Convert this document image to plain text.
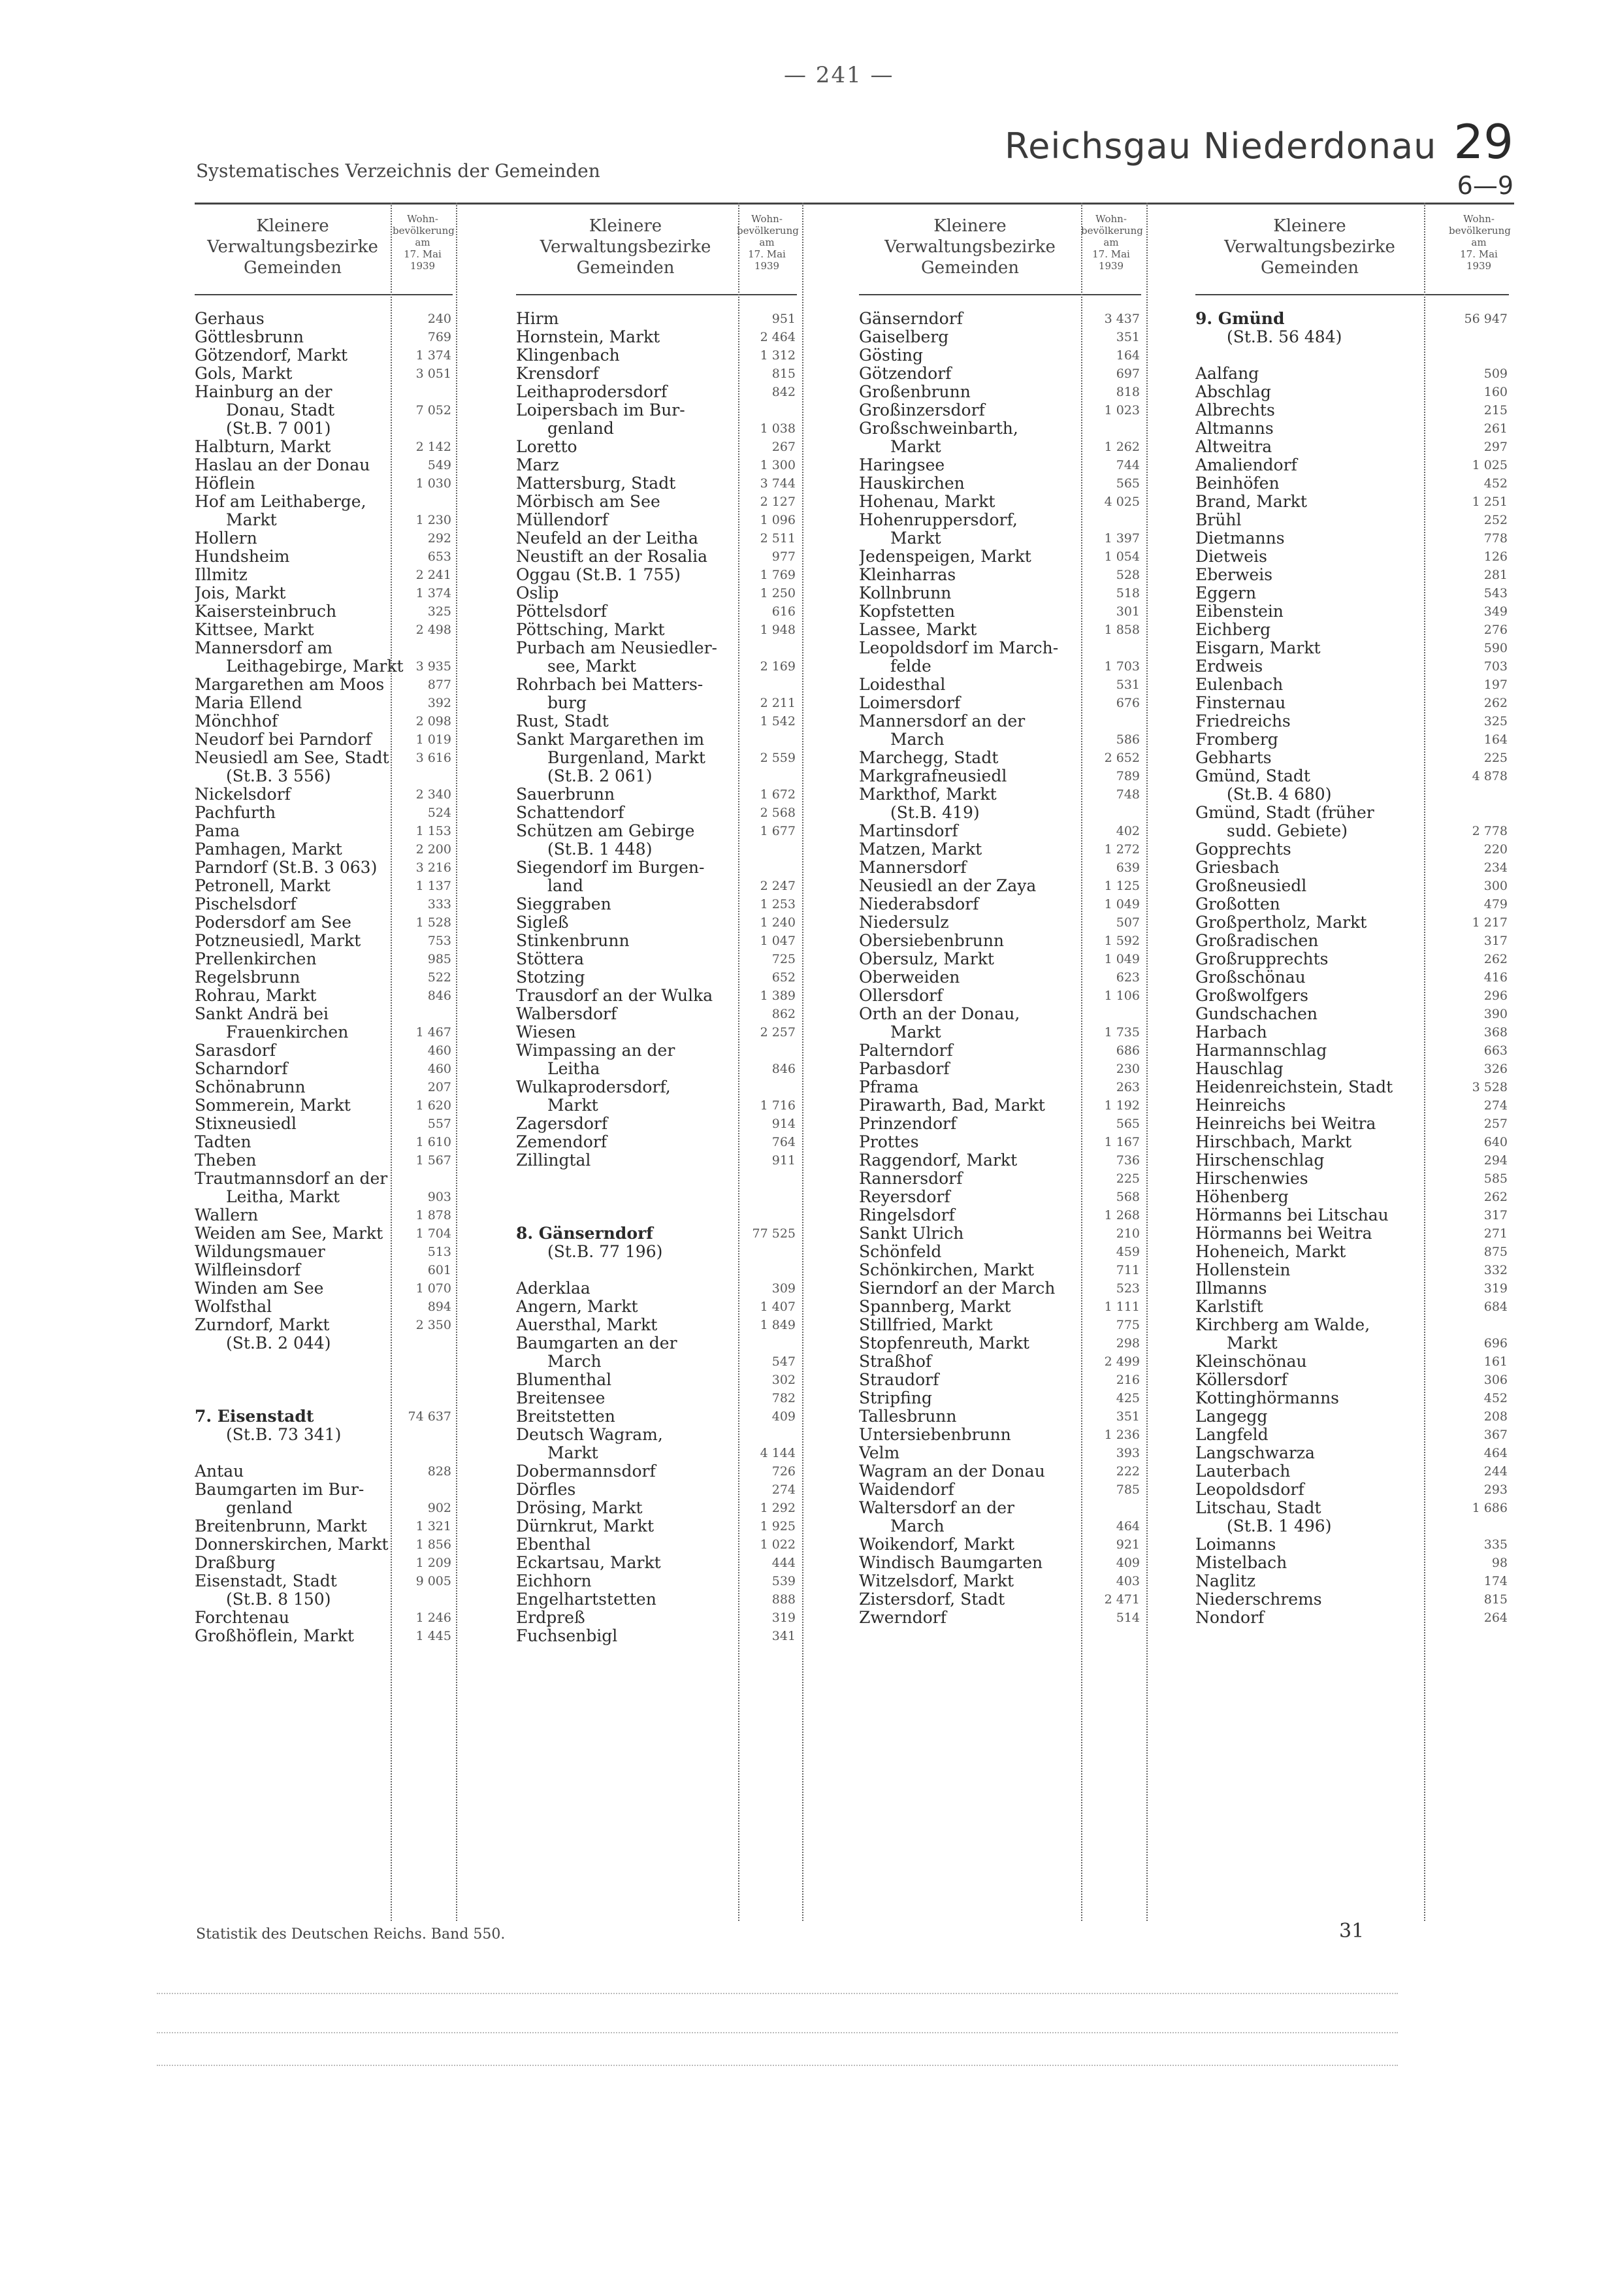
— 241 —
Systematisches Verzeichnis der Gemeinden
Reichsgau Niederdonau 29
6—9
Kleinere
Verwaltungsbezirke
Gemeinden
Wohn-
bevölkerung
am
17. Mai 1939
Gerhaus	240
Göttlesbrunn	769
Götzendorf, Markt	1 374
Gols, Markt	3 051
Hainburg an der
Donau, Stadt	7 052
(St.B. 7 001)
Halbturn, Markt	2 142
Haslau an der Donau	549
Höflein	1 030
Hof am Leithaberge,
Markt	1 230
Hollern	292
Hundsheim	653
Illmitz	2 241
Jois, Markt	1 374
Kaisersteinbruch	325
Kittsee, Markt	2 498
Mannersdorf am
Leithagebirge, Markt	3 935
Margarethen am Moos	877
Maria Ellend	392
Mönchhof	2 098
Neudorf bei Parndorf	1 019
Neusiedl am See, Stadt 3 616
(St.B. 3 556)
Nickelsdorf	2 340
Pachfurth	524
Pama	1 153
Pamhagen, Markt	2 200
Parndorf (St.B. 3 063)	3 216
Petronell, Markt	1 137
Pischelsdorf	333
Podersdorf am See	1 528
Potzneusiedl, Markt	753
Prellenkirchen	985
Regelsbrunn	522
Rohrau, Markt	846
Sankt Andrä bei
Frauenkirchen	1 467
Sarasdorf	460
Scharndorf	460
Schönabrunn	207
Sommerein, Markt	1 620
Stixneusiedl	557
Tadten	1 610
Theben	1 567
Trautmannsdorf an der
Leitha, Markt	903
Wallern	1 878
Weiden am See, Markt	1 704
Wildungsmauer	513
Wilfleinsdorf	601
Winden am See	1 070
Wolfsthal	894
Zurndorf, Markt	2 350
(St.B. 2 044)
7. Eisenstadt	74 637
(St.B. 73 341)
Antau	828
Baumgarten im Bur-
genland	902
Breitenbrunn, Markt	1 321
Donnerskirchen, Markt 1 856
Draßburg	1 209
Eisenstadt, Stadt	9 005
(St.B. 8 150)
Forchtenau	1 246
Großhöflein, Markt	1 445
Kleinere
Verwaltungsbezirke
Gemeinden
Wohn-
bevölkerung
am
17. Mai 1939
Hirm	951
Hornstein, Markt	2 464
Klingenbach	1 312
Krensdorf	815
Leithaprodersdorf	842
Loipersbach im Bur-
genland	1 038
Loretto	267
Marz	1 300
Mattersburg, Stadt	3 744
Mörbisch am See	2 127
Müllendorf	1 096
Neufeld an der Leitha	2 511
Neustift an der Rosalia	977
Oggau (St.B. 1 755)	1 769
Oslip	1 250
Pöttelsdorf	616
Pöttsching, Markt	1 948
Purbach am Neusiedler-
see, Markt	2 169
Rohrbach bei Matters-
burg	2 211
Rust, Stadt	1 542
Sankt Margarethen im
Burgenland, Markt	2 559
(St.B. 2 061)
Sauerbrunn	1 672
Schattendorf	2 568
Schützen am Gebirge	1 677
(St.B. 1 448)
Siegendorf im Burgen-
land	2 247
Sieggraben	1 253
Sigleß	1 240
Stinkenbrunn	1 047
Stöttera	725
Stotzing	652
Trausdorf an der Wulka	1 389
Walbersdorf	862
Wiesen	2 257
Wimpassing an der
Leitha	846
Wulkaprodersdorf,
Markt	1 716
Zagersdorf	914
Zemendorf	764
Zillingtal	911
8. Gänserndorf	77 525
(St.B. 77 196)
Aderklaa	309
Angern, Markt	1 407
Auersthal, Markt	1 849
Baumgarten an der
March	547
Blumenthal	302
Breitensee	782
Breitstetten	409
Deutsch Wagram,
Markt	4 144
Dobermannsdorf	726
Dörfles	274
Drösing, Markt	1 292
Dürnkrut, Markt	1 925
Ebenthal	1 022
Eckartsau, Markt	444
Eichhorn	539
Engelhartstetten	888
Erdpreß	319
Fuchsenbigl	341
Kleinere
Verwaltungsbezirke
Gemeinden
Wohn-
bevölkerung
am
17. Mai 1939
Gänserndorf	3 437
Gaiselberg	351
Gösting	164
Götzendorf	697
Großenbrunn	818
Großinzersdorf	1 023
Großschweinbarth,
Markt	1 262
Haringsee	744
Hauskirchen	565
Hohenau, Markt	4 025
Hohenruppersdorf,
Markt	1 397
Jedenspeigen, Markt	1 054
Kleinharras	528
Kollnbrunn	518
Kopfstetten	301
Lassee, Markt	1 858
Leopoldsdorf im March-
felde	1 703
Loidesthal	531
Loimersdorf	676
Mannersdorf an der
March	586
Marchegg, Stadt	2 652
Markgrafneusiedl	789
Markthof, Markt	748
(St.B. 419)
Martinsdorf	402
Matzen, Markt	1 272
Mannersdorf	639
Neusiedl an der Zaya	1 125
Niederabsdorf	1 049
Niedersulz	507
Obersiebenbrunn	1 592
Obersulz, Markt	1 049
Oberweiden	623
Ollersdorf	1 106
Orth an der Donau,
Markt	1 735
Palterndorf	686
Parbasdorf	230
Pframa	263
Pirawarth, Bad, Markt	1 192
Prinzendorf	565
Prottes	1 167
Raggendorf, Markt	736
Rannersdorf	225
Reyersdorf	568
Ringelsdorf	1 268
Sankt Ulrich	210
Schönfeld	459
Schönkirchen, Markt	711
Sierndorf an der March	523
Spannberg, Markt	1 111
Stillfried, Markt	775
Stopfenreuth, Markt	298
Straßhof	2 499
Straudorf	216
Stripfing	425
Tallesbrunn	351
Untersiebenbrunn	1 236
Velm	393
Wagram an der Donau	222
Waidendorf	785
Waltersdorf an der
March	464
Woikendorf, Markt	921
Windisch Baumgarten	409
Witzelsdorf, Markt	403
Zistersdorf, Stadt	2 471
Zwerndorf	514
Kleinere
Verwaltungsbezirke
Gemeinden
Wohn-
bevölkerung
am
17. Mai 1939
9. Gmünd	56 947
(St.B. 56 484)
Aalfang	509
Abschlag	160
Albrechts	215
Altmanns	261
Altweitra	297
Amaliendorf	1 025
Beinhöfen	452
Brand, Markt	1 251
Brühl	252
Dietmanns	778
Dietweis	126
Eberweis	281
Eggern	543
Eibenstein	349
Eichberg	276
Eisgarn, Markt	590
Erdweis	703
Eulenbach	197
Finsternau	262
Friedreichs	325
Fromberg	164
Gebharts	225
Gmünd, Stadt	4 878
(St.B. 4 680)
Gmünd, Stadt (früher
sudd. Gebiete)	2 778
Gopprechts	220
Griesbach	234
Großneusiedl	300
Großotten	479
Großpertholz, Markt	1 217
Großradischen	317
Großrupprechts	262
Großschönau	416
Großwolfgers	296
Gundschachen	390
Harbach	368
Harmannschlag	663
Hauschlag	326
Heidenreichstein, Stadt	3 528
Heinreichs	274
Heinreichs bei Weitra	257
Hirschbach, Markt	640
Hirschenschlag	294
Hirschenwies	585
Höhenberg	262
Hörmanns bei Litschau	317
Hörmanns bei Weitra	271
Hoheneich, Markt	875
Hollenstein	332
Illmanns	319
Karlstift	684
Kirchberg am Walde,
Markt	696
Kleinschönau	161
Köllersdorf	306
Kottinghörmanns	452
Langegg	208
Langfeld	367
Langschwarza	464
Lauterbach	244
Leopoldsdorf	293
Litschau, Stadt	1 686
(St.B. 1 496)
Loimanns	335
Mistelbach	98
Naglitz	174
Niederschrems	815
Nondorf	264
Statistik des Deutschen Reichs. Band 550.	31
